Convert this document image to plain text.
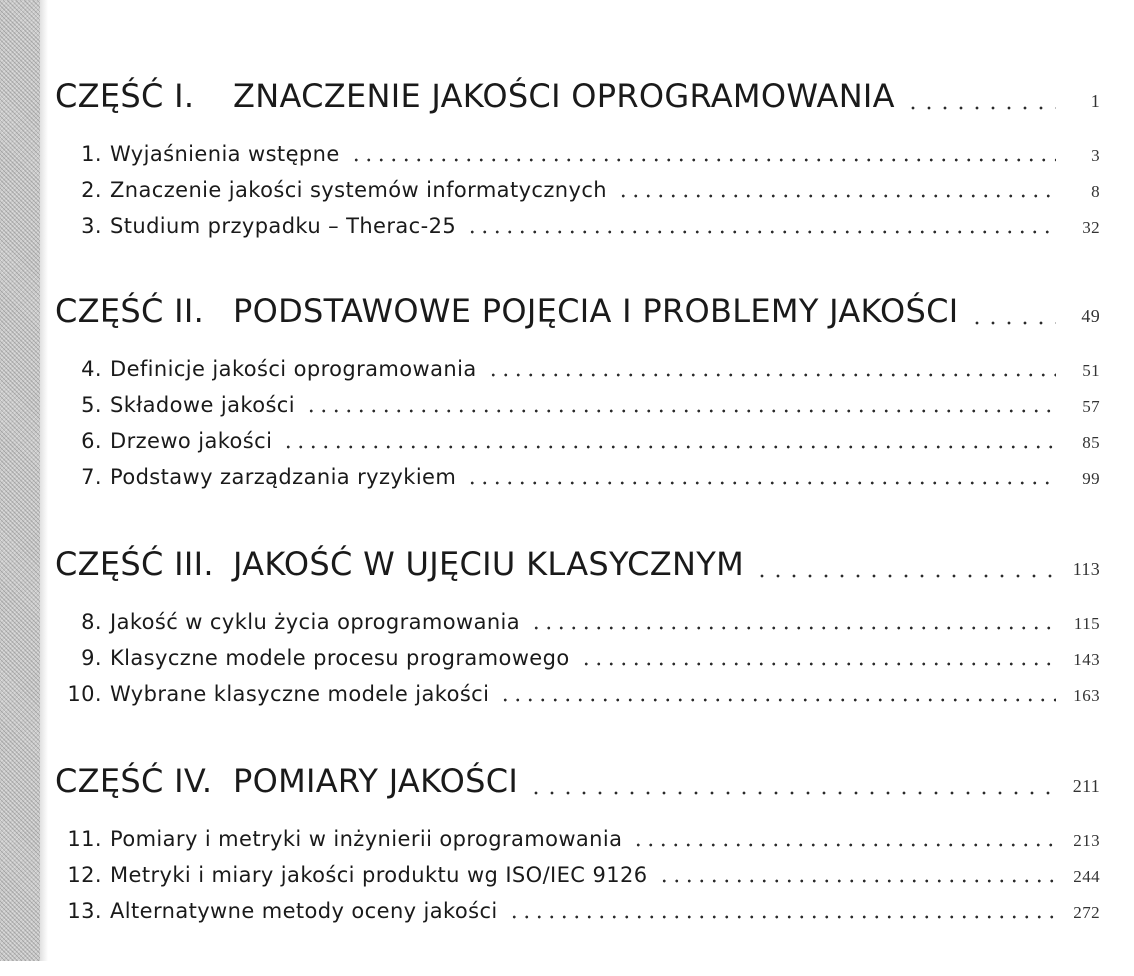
CZĘŚĆ I.	ZNACZENIE JAKOŚCI OPROGRAMOWANIA	1
1. Wyjaśnienia wstępne	3
2. Znaczenie jakości systemów informatycznych	8
3. Studium przypadku – Therac-25	32
CZĘŚĆ II. PODSTAWOWE POJĘCIA I PROBLEMY JAKOŚCI	49
4. Definicje jakości oprogramowania	51
5. Składowe jakości	57
6. Drzewo jakości	85
7. Podstawy zarządzania ryzykiem	99
CZĘŚĆ III. JAKOŚĆ W UJĘCIU KLASYCZNYM	113
8. Jakość w cyklu życia oprogramowania	115
9. Klasyczne modele procesu programowego	143
10. Wybrane klasyczne modele jakości	163
CZĘŚĆ IV. POMIARY JAKOŚCI	211
11. Pomiary i metryki w inżynierii oprogramowania	213
12. Metryki i miary jakości produktu wg ISO/IEC 9126	244
13. Alternatywne metody oceny jakości	272
